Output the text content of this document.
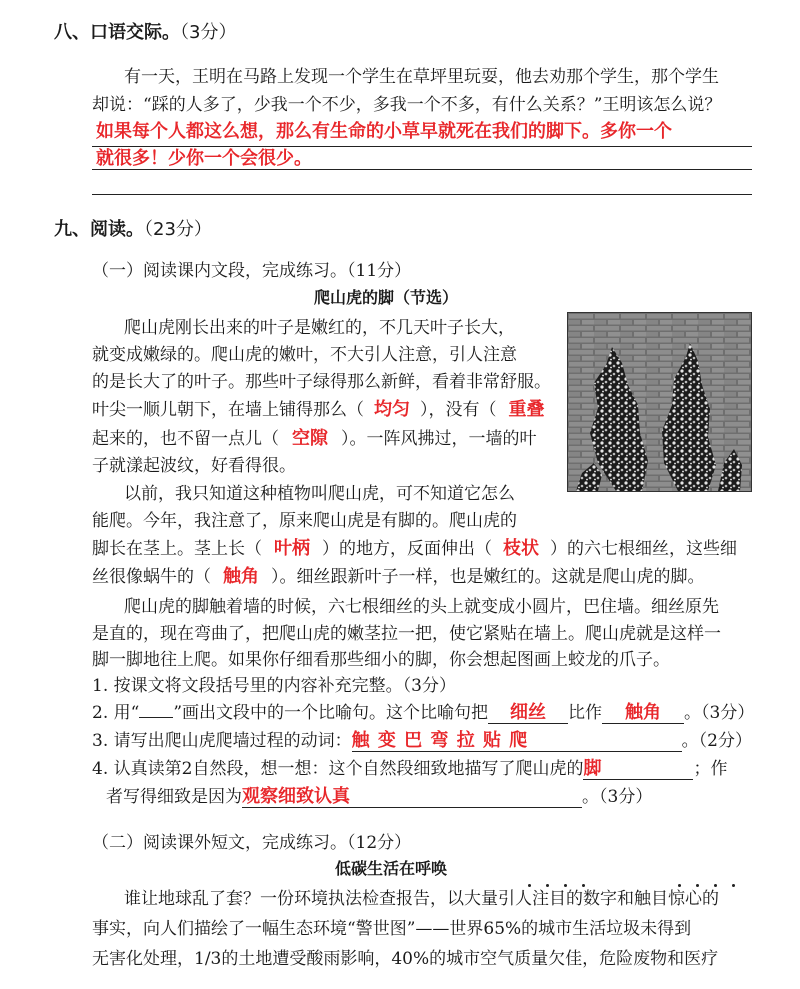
八、口语交际。（3分）
有一天，王明在马路上发现一个学生在草坪里玩耍，他去劝那个学生，那个学生
却说：“踩的人多了，少我一个不少，多我一个不多，有什么关系？”王明该怎么说？
如果每个人都这么想，那么有生命的小草早就死在我们的脚下。多你一个
就很多！少你一个会很少。
九、阅读。（23分）
（一）阅读课内文段，完成练习。（11分）
爬山虎的脚（节选）
爬山虎刚长出来的叶子是嫩红的，不几天叶子长大，
就变成嫩绿的。爬山虎的嫩叶，不大引人注意，引人注意
的是长大了的叶子。那些叶子绿得那么新鲜，看着非常舒服。
叶尖一顺儿朝下，在墙上铺得那么（ 均匀 ），没有（ 重叠
起来的，也不留一点儿（ 空隙 ）。一阵风拂过，一墙的叶
子就漾起波纹，好看得很。
以前，我只知道这种植物叫爬山虎，可不知道它怎么
能爬。今年，我注意了，原来爬山虎是有脚的。爬山虎的
脚长在茎上。茎上长（ 叶柄 ）的地方，反面伸出（ 枝状 ）的六七根细丝，这些细
丝很像蜗牛的（ 触角 ）。细丝跟新叶子一样，也是嫩红的。这就是爬山虎的脚。
爬山虎的脚触着墙的时候，六七根细丝的头上就变成小圆片，巴住墙。细丝原先
是直的，现在弯曲了，把爬山虎的嫩茎拉一把，使它紧贴在墙上。爬山虎就是这样一
脚一脚地往上爬。如果你仔细看那些细小的脚，你会想起图画上蛟龙的爪子。
1. 按课文将文段括号里的内容补充完整。（3分）
2. 用“ ”画出文段中的一个比喻句。这个比喻句把 细丝 比作 触角 。（3分）
3. 请写出爬山虎爬墙过程的动词：触 变 巴 弯 拉 贴 爬	。（2分）
4. 认真读第2自然段，想一想：这个自然段细致地描写了爬山虎的脚	；作
者写得细致是因为观察细致认真	。（3分）
（二）阅读课外短文，完成练习。（12分）
低碳生活在呼唤
谁让地球乱了套？一份环境执法检查报告，以大量引人注目的数字和触目惊心的
事实，向人们描绘了一幅生态环境“警世图”——世界65%的城市生活垃圾未得到
无害化处理，1/3的土地遭受酸雨影响，40%的城市空气质量欠佳，危险废物和医疗
